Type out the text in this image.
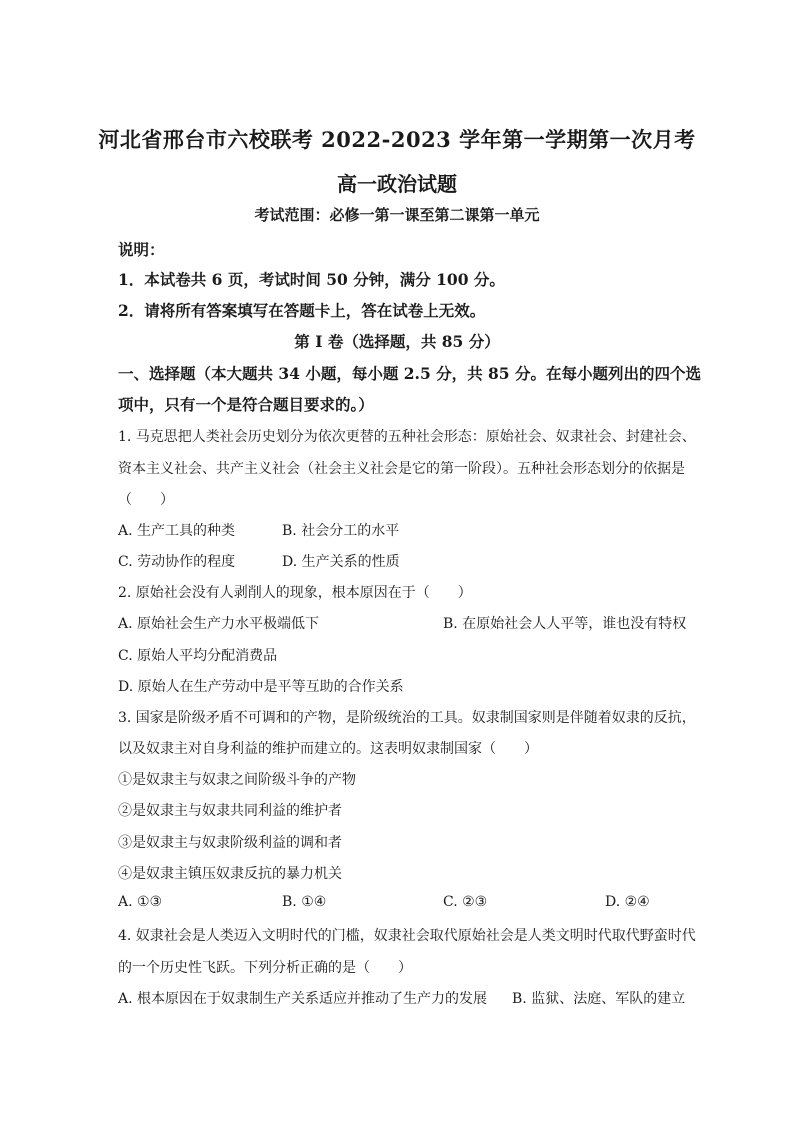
河北省邢台市六校联考 2022-2023 学年第一学期第一次月考
高一政治试题
考试范围：必修一第一课至第二课第一单元
说明：
1．本试卷共 6 页，考试时间 50 分钟，满分 100 分。
2．请将所有答案填写在答题卡上，答在试卷上无效。
第 I 卷（选择题，共 85 分）
一、选择题（本大题共 34 小题，每小题 2.5 分，共 85 分。在每小题列出的四个选
项中，只有一个是符合题目要求的。）
1. 马克思把人类社会历史划分为依次更替的五种社会形态：原始社会、奴隶社会、封建社会、
资本主义社会、共产主义社会（社会主义社会是它的第一阶段）。五种社会形态划分的依据是
（　　）
A. 生产工具的种类	B. 社会分工的水平
C. 劳动协作的程度	D. 生产关系的性质
2. 原始社会没有人剥削人的现象，根本原因在于（　　）
A. 原始社会生产力水平极端低下	B. 在原始社会人人平等，谁也没有特权
C. 原始人平均分配消费品
D. 原始人在生产劳动中是平等互助的合作关系
3. 国家是阶级矛盾不可调和的产物，是阶级统治的工具。奴隶制国家则是伴随着奴隶的反抗，
以及奴隶主对自身利益的维护而建立的。这表明奴隶制国家（　　）
①是奴隶主与奴隶之间阶级斗争的产物
②是奴隶主与奴隶共同利益的维护者
③是奴隶主与奴隶阶级利益的调和者
④是奴隶主镇压奴隶反抗的暴力机关
A. ①③	B. ①④	C. ②③	D. ②④
4. 奴隶社会是人类迈入文明时代的门槛，奴隶社会取代原始社会是人类文明时代取代野蛮时代
的一个历史性飞跃。下列分析正确的是（　　）
A. 根本原因在于奴隶制生产关系适应并推动了生产力的发展 B. 监狱、法庭、军队的建立
